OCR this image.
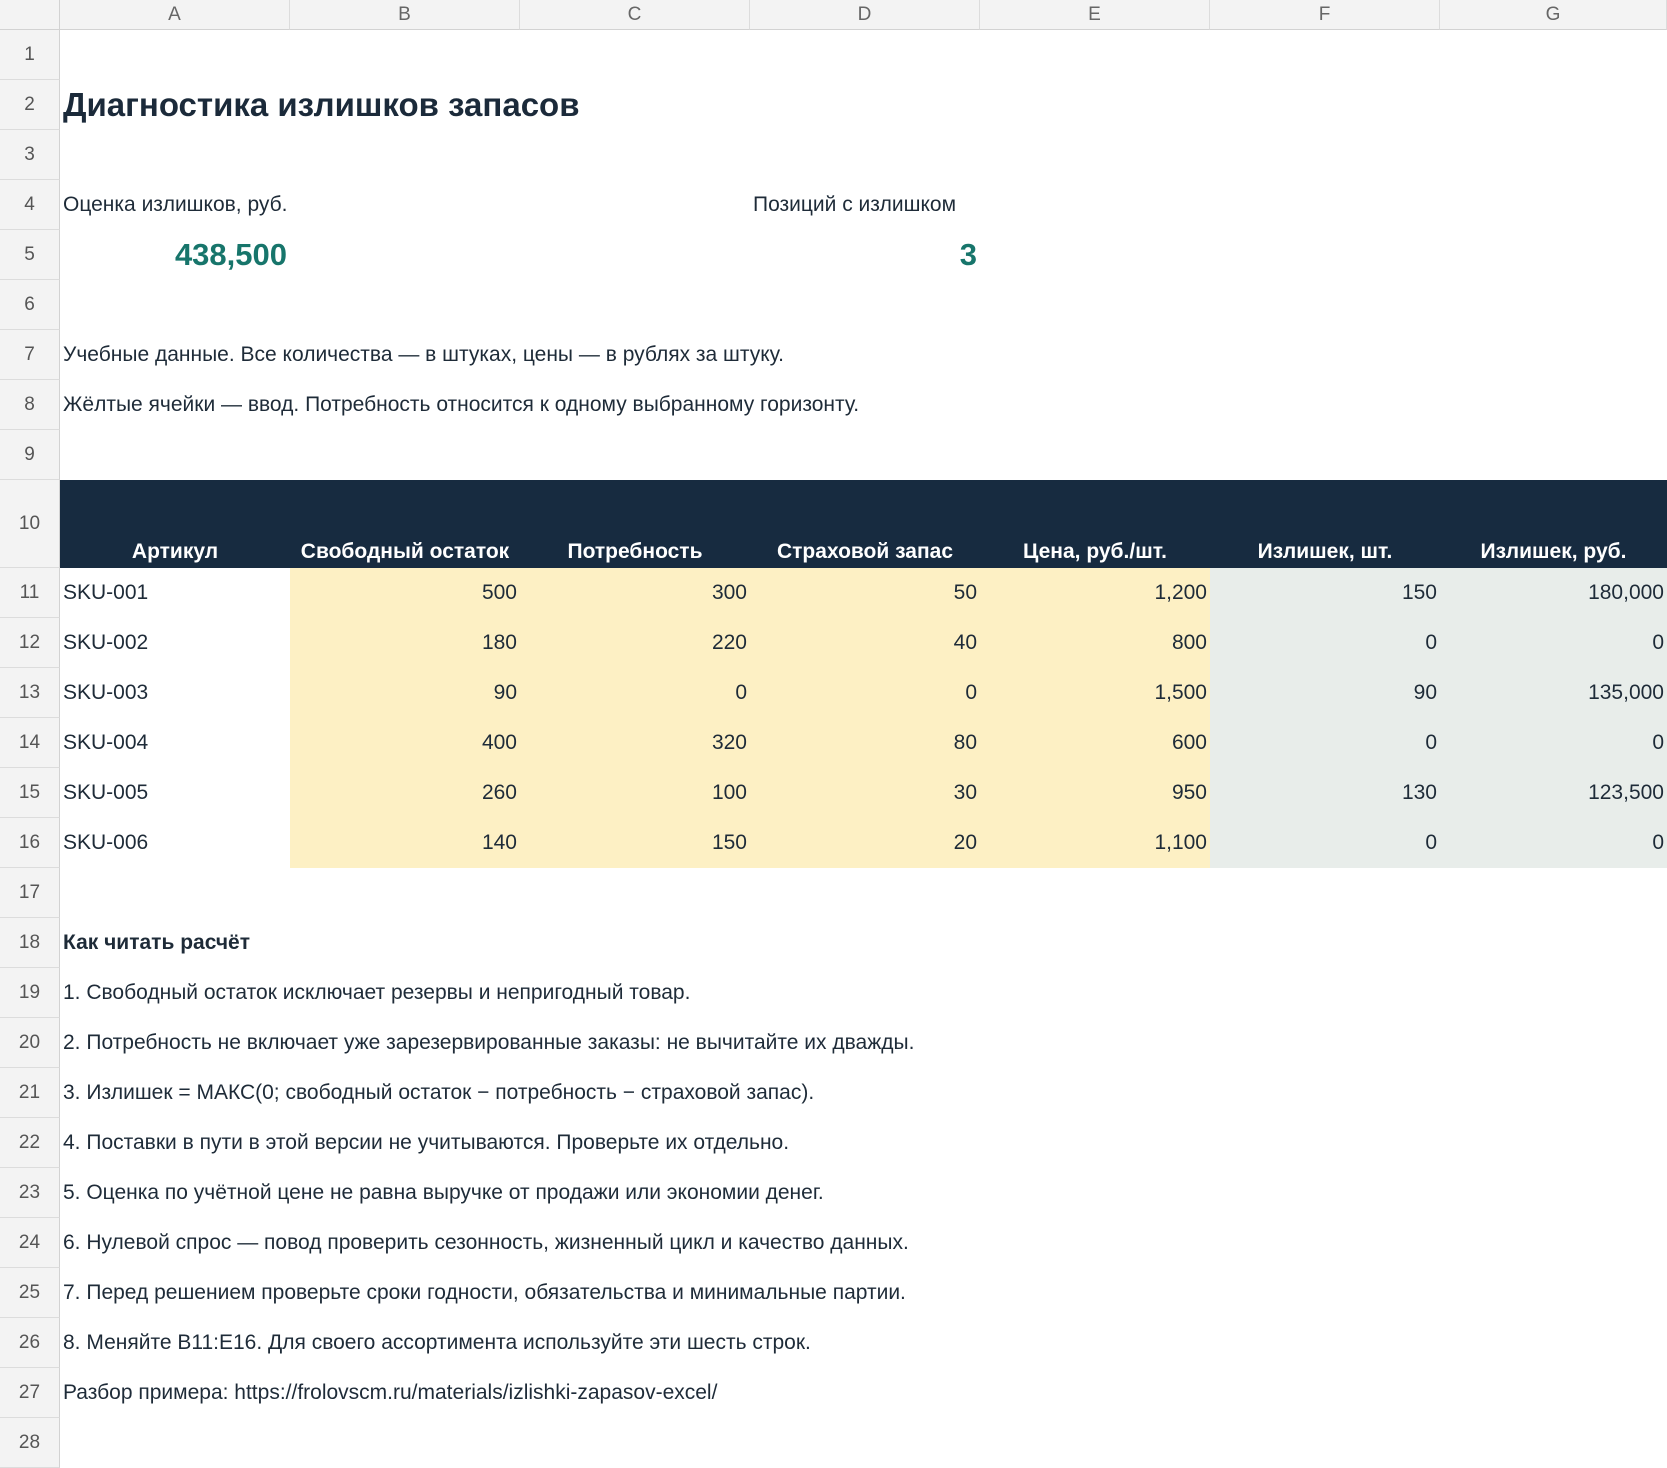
A	B	C	D	E	F	G
1
2 Диагностика излишков запасов
3
4	Оценка излишков, руб.	Позиций с излишком
5	438,500	3
6
7	Учебные данные. Все количества — в штуках, цены — в рублях за штуку.
8	Жёлтые ячейки — ввод. Потребность относится к одному выбранному горизонту.
9
10
Артикул	Свободный остаток	Потребность	Страховой запас	Цена, руб./шт.	Излишек, шт.	Излишек, руб.
11	SKU-001	500	300	50	1,200	150	180,000
12	SKU-002	180	220	40	800	0	0
13	SKU-003	90	0	0	1,500	90	135,000
14	SKU-004	400	320	80	600	0	0
15	SKU-005	260	100	30	950	130	123,500
16	SKU-006	140	150	20	1,100	0	0
17
18	Как читать расчёт
19	1. Свободный остаток исключает резервы и непригодный товар.
20	2. Потребность не включает уже зарезервированные заказы: не вычитайте их дважды.
21	3. Излишек = МАКС(0; свободный остаток − потребность − страховой запас).
22	4. Поставки в пути в этой версии не учитываются. Проверьте их отдельно.
23	5. Оценка по учётной цене не равна выручке от продажи или экономии денег.
24	6. Нулевой спрос — повод проверить сезонность, жизненный цикл и качество данных.
25	7. Перед решением проверьте сроки годности, обязательства и минимальные партии.
26	8. Меняйте B11:E16. Для своего ассортимента используйте эти шесть строк.
27	Разбор примера: https://frolovscm.ru/materials/izlishki-zapasov-excel/
28
